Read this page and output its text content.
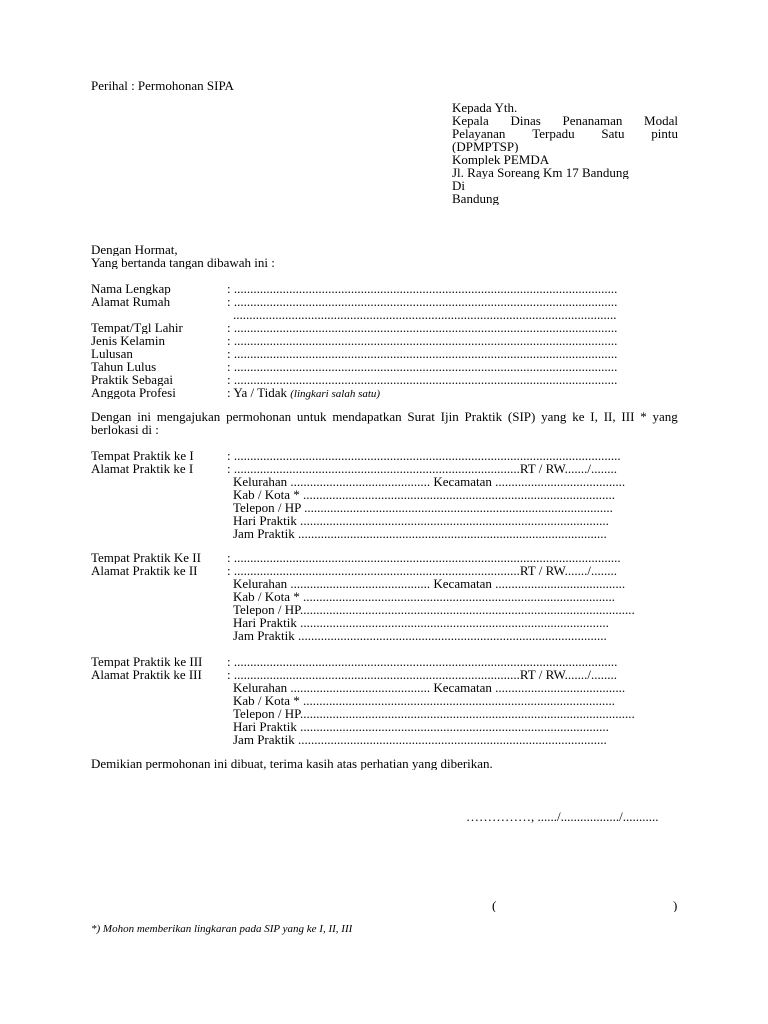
Perihal : Permohonan SIPA
Kepada Yth.
Kepala Dinas Penanaman Modal
Pelayanan Terpadu Satu pintu
(DPMPTSP)
Komplek PEMDA
Jl. Raya Soreang Km 17 Bandung
Di
Bandung
Dengan Hormat,
Yang bertanda tangan dibawah ini :
Nama Lengkap	: ......................................................................................................................
Alamat Rumah	: ......................................................................................................................
......................................................................................................................
Tempat/Tgl Lahir	: ......................................................................................................................
Jenis Kelamin	: ......................................................................................................................
Lulusan	: ......................................................................................................................
Tahun Lulus	: ......................................................................................................................
Praktik Sebagai	: ......................................................................................................................
Anggota Profesi	: Ya / Tidak (lingkari salah satu)
Dengan ini mengajukan permohonan untuk mendapatkan Surat Ijin Praktik (SIP) yang ke I, II, III * yang
berlokasi di :
Tempat Praktik ke I	: .......................................................................................................................
Alamat Praktik ke I	: ........................................................................................RT / RW......./........
Kelurahan ........................................... Kecamatan ........................................
Kab / Kota * ................................................................................................
Telepon / HP ...............................................................................................
Hari Praktik ...............................................................................................
Jam Praktik ...............................................................................................
Tempat Praktik Ke II : .......................................................................................................................
Alamat Praktik ke II : ........................................................................................RT / RW......./........
Kelurahan ........................................... Kecamatan ........................................
Kab / Kota * ................................................................................................
Telepon / HP.......................................................................................................
Hari Praktik ...............................................................................................
Jam Praktik ...............................................................................................
Tempat Praktik ke III : ......................................................................................................................
Alamat Praktik ke III : ........................................................................................RT / RW......./........
Kelurahan ........................................... Kecamatan ........................................
Kab / Kota * ................................................................................................
Telepon / HP.......................................................................................................
Hari Praktik ...............................................................................................
Jam Praktik ...............................................................................................
Demikian permohonan ini dibuat, terima kasih atas perhatian yang diberikan.
……………, ....../................../...........
(	)
*) Mohon memberikan lingkaran pada SIP yang ke I, II, III
